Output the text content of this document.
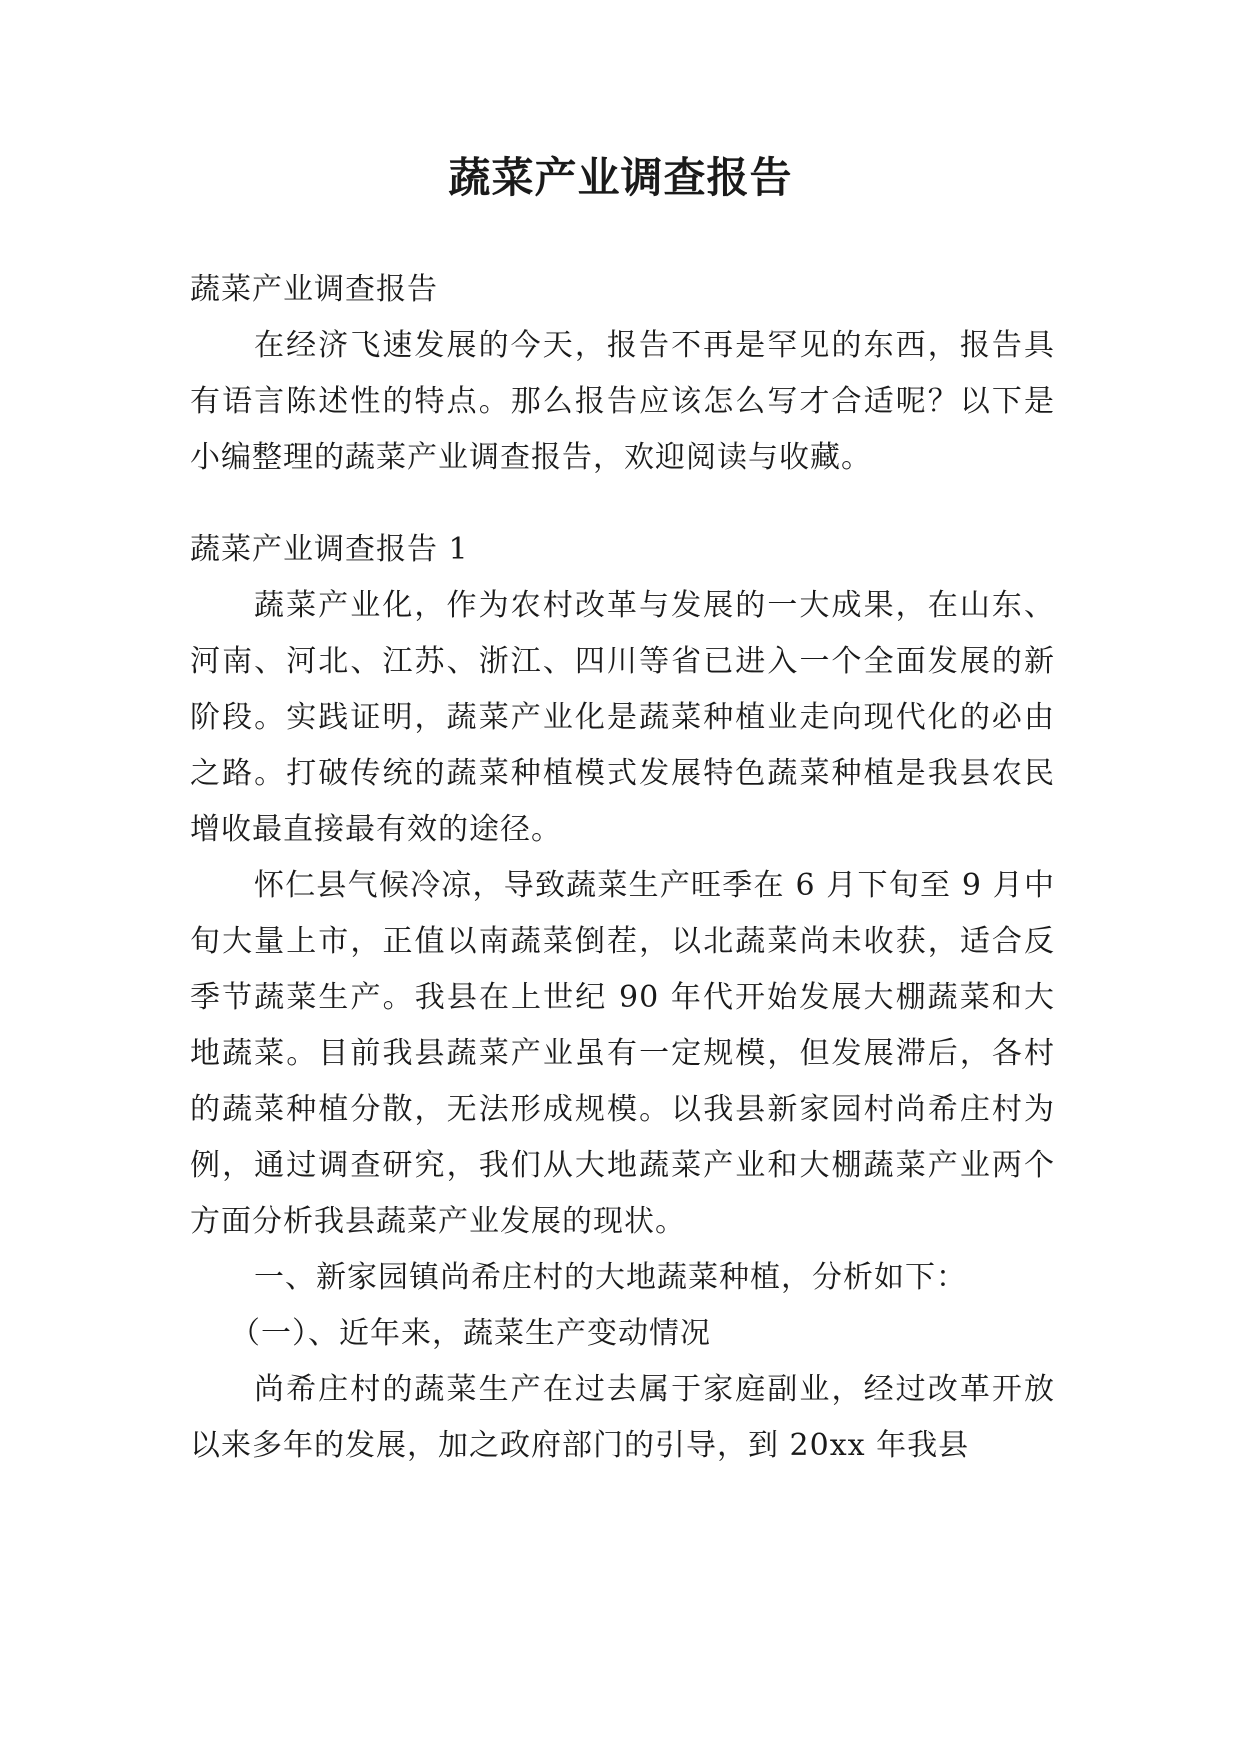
蔬菜产业调查报告

蔬菜产业调查报告

在经济飞速发展的今天，报告不再是罕见的东西，报告具有语言陈述性的特点。那么报告应该怎么写才合适呢？以下是小编整理的蔬菜产业调查报告，欢迎阅读与收藏。

蔬菜产业调查报告 1

蔬菜产业化，作为农村改革与发展的一大成果，在山东、河南、河北、江苏、浙江、四川等省已进入一个全面发展的新阶段。实践证明，蔬菜产业化是蔬菜种植业走向现代化的必由之路。打破传统的蔬菜种植模式发展特色蔬菜种植是我县农民增收最直接最有效的途径。

怀仁县气候冷凉，导致蔬菜生产旺季在 6 月下旬至 9 月中旬大量上市，正值以南蔬菜倒茬，以北蔬菜尚未收获，适合反季节蔬菜生产。我县在上世纪 90 年代开始发展大棚蔬菜和大地蔬菜。目前我县蔬菜产业虽有一定规模，但发展滞后，各村的蔬菜种植分散，无法形成规模。以我县新家园村尚希庄村为例，通过调查研究，我们从大地蔬菜产业和大棚蔬菜产业两个方面分析我县蔬菜产业发展的现状。

一、新家园镇尚希庄村的大地蔬菜种植，分析如下：

（一）、近年来，蔬菜生产变动情况

尚希庄村的蔬菜生产在过去属于家庭副业，经过改革开放以来多年的发展，加之政府部门的引导，到 20xx 年我县
